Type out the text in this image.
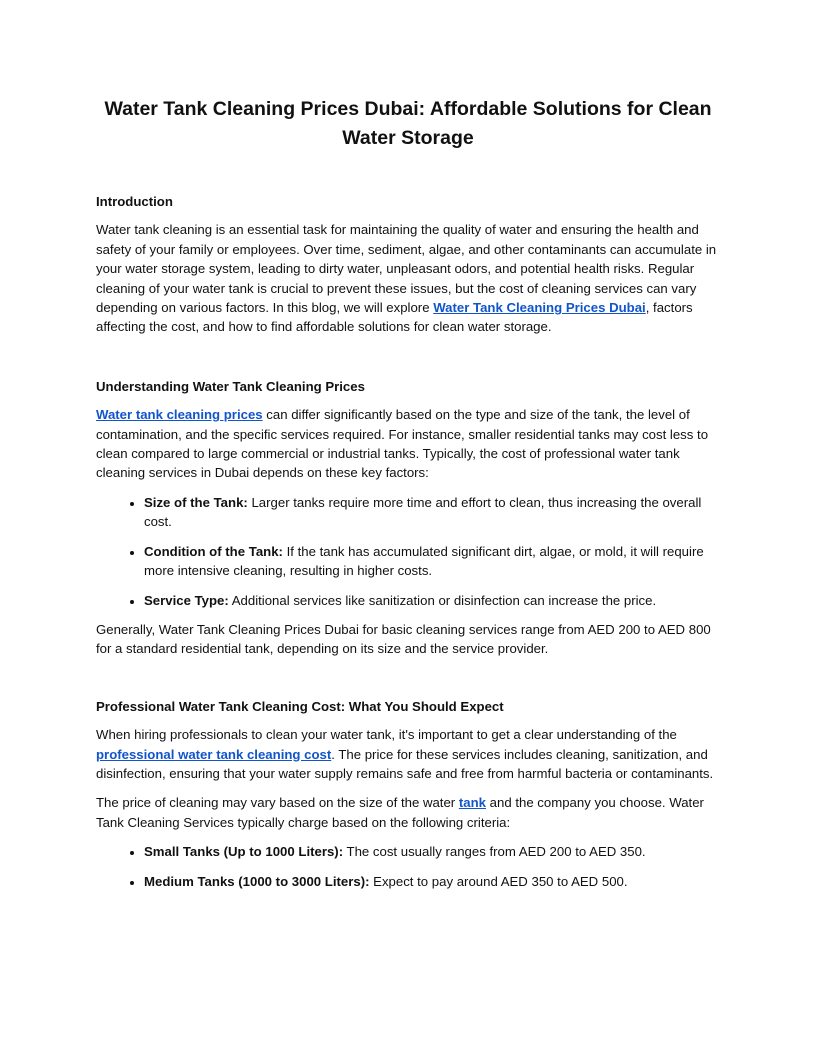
Water Tank Cleaning Prices Dubai: Affordable Solutions for Clean Water Storage
Introduction

Water tank cleaning is an essential task for maintaining the quality of water and ensuring the health and safety of your family or employees. Over time, sediment, algae, and other contaminants can accumulate in your water storage system, leading to dirty water, unpleasant odors, and potential health risks. Regular cleaning of your water tank is crucial to prevent these issues, but the cost of cleaning services can vary depending on various factors. In this blog, we will explore Water Tank Cleaning Prices Dubai, factors affecting the cost, and how to find affordable solutions for clean water storage.

Understanding Water Tank Cleaning Prices

Water tank cleaning prices can differ significantly based on the type and size of the tank, the level of contamination, and the specific services required. For instance, smaller residential tanks may cost less to clean compared to large commercial or industrial tanks. Typically, the cost of professional water tank cleaning services in Dubai depends on these key factors:

• Size of the Tank: Larger tanks require more time and effort to clean, thus increasing the overall cost.
• Condition of the Tank: If the tank has accumulated significant dirt, algae, or mold, it will require more intensive cleaning, resulting in higher costs.
• Service Type: Additional services like sanitization or disinfection can increase the price.

Generally, Water Tank Cleaning Prices Dubai for basic cleaning services range from AED 200 to AED 800 for a standard residential tank, depending on its size and the service provider.

Professional Water Tank Cleaning Cost: What You Should Expect

When hiring professionals to clean your water tank, it's important to get a clear understanding of the professional water tank cleaning cost. The price for these services includes cleaning, sanitization, and disinfection, ensuring that your water supply remains safe and free from harmful bacteria or contaminants.

The price of cleaning may vary based on the size of the water tank and the company you choose. Water Tank Cleaning Services typically charge based on the following criteria:

• Small Tanks (Up to 1000 Liters): The cost usually ranges from AED 200 to AED 350.
• Medium Tanks (1000 to 3000 Liters): Expect to pay around AED 350 to AED 500.
